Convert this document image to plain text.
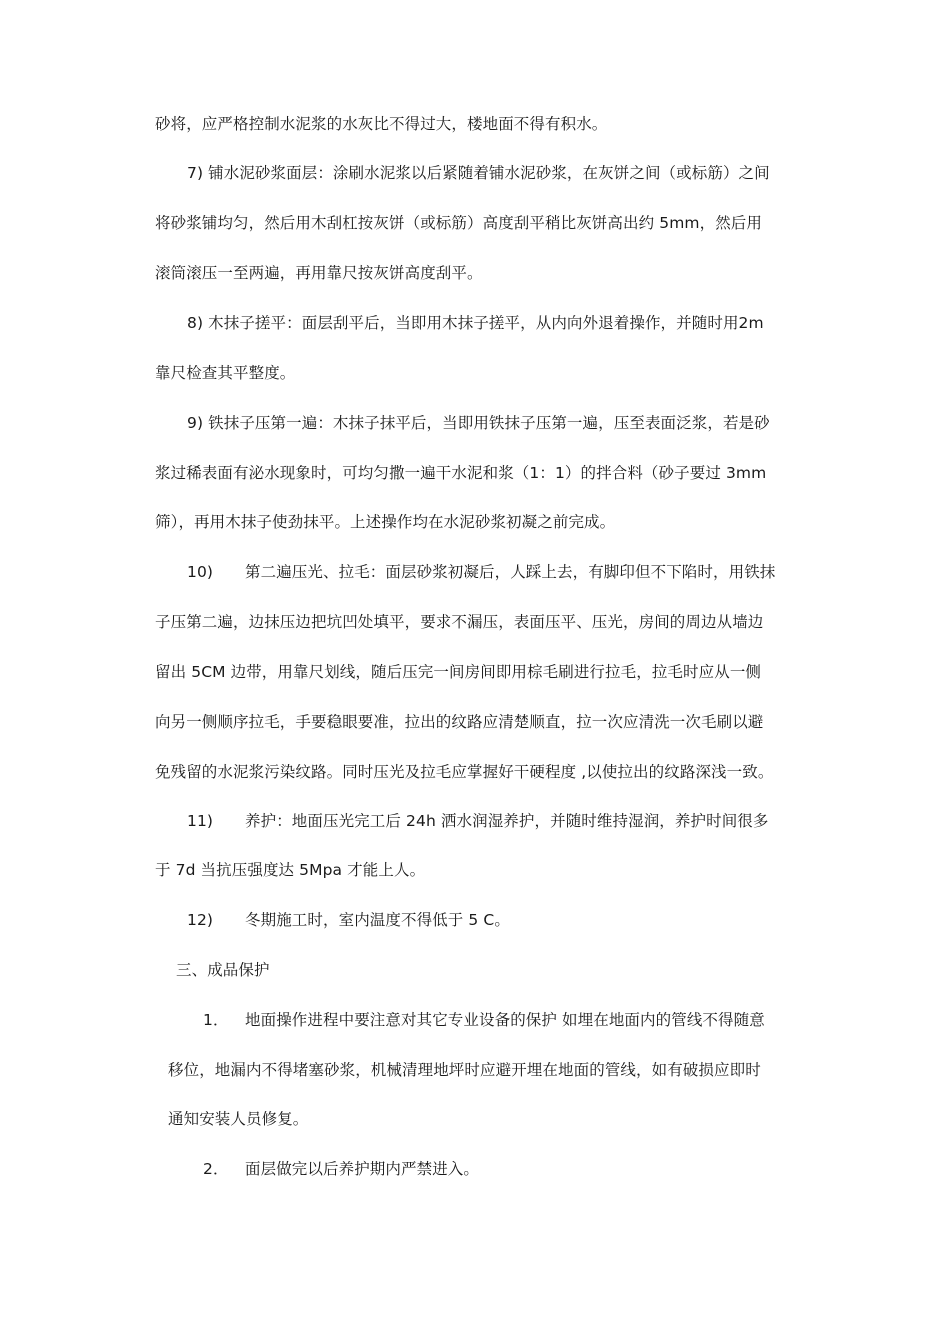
砂将，应严格控制水泥浆的水灰比不得过大，楼地面不得有积水。
7) 铺水泥砂浆面层：涂刷水泥浆以后紧随着铺水泥砂浆，在灰饼之间（或标筋）之间
将砂浆铺均匀，然后用木刮杠按灰饼（或标筋）高度刮平稍比灰饼高出约 5mm，然后用
滚筒滚压一至两遍，再用靠尺按灰饼高度刮平。
8) 木抹子搓平：面层刮平后，当即用木抹子搓平，从内向外退着操作，并随时用2m
靠尺检查其平整度。
9) 铁抹子压第一遍：木抹子抹平后，当即用铁抹子压第一遍，压至表面泛浆，若是砂
浆过稀表面有泌水现象时，可均匀撒一遍干水泥和浆（1：1）的拌合料（砂子要过 3mm
筛），再用木抹子使劲抹平。上述操作均在水泥砂浆初凝之前完成。
10) 第二遍压光、拉毛：面层砂浆初凝后，人踩上去，有脚印但不下陷时，用铁抹
子压第二遍，边抹压边把坑凹处填平，要求不漏压，表面压平、压光，房间的周边从墙边
留出 5CM 边带，用靠尺划线，随后压完一间房间即用棕毛刷进行拉毛，拉毛时应从一侧
向另一侧顺序拉毛，手要稳眼要准，拉出的纹路应清楚顺直，拉一次应清洗一次毛刷以避
免残留的水泥浆污染纹路。同时压光及拉毛应掌握好干硬程度 ,以使拉出的纹路深浅一致。
11) 养护：地面压光完工后 24h 洒水润湿养护，并随时维持湿润，养护时间很多
于 7d 当抗压强度达 5Mpa 才能上人。
12) 冬期施工时，室内温度不得低于 5 C。
三、成品保护
1． 地面操作进程中要注意对其它专业设备的保护 如埋在地面内的管线不得随意
移位，地漏内不得堵塞砂浆，机械清理地坪时应避开埋在地面的管线，如有破损应即时
通知安装人员修复。
2． 面层做完以后养护期内严禁进入。
